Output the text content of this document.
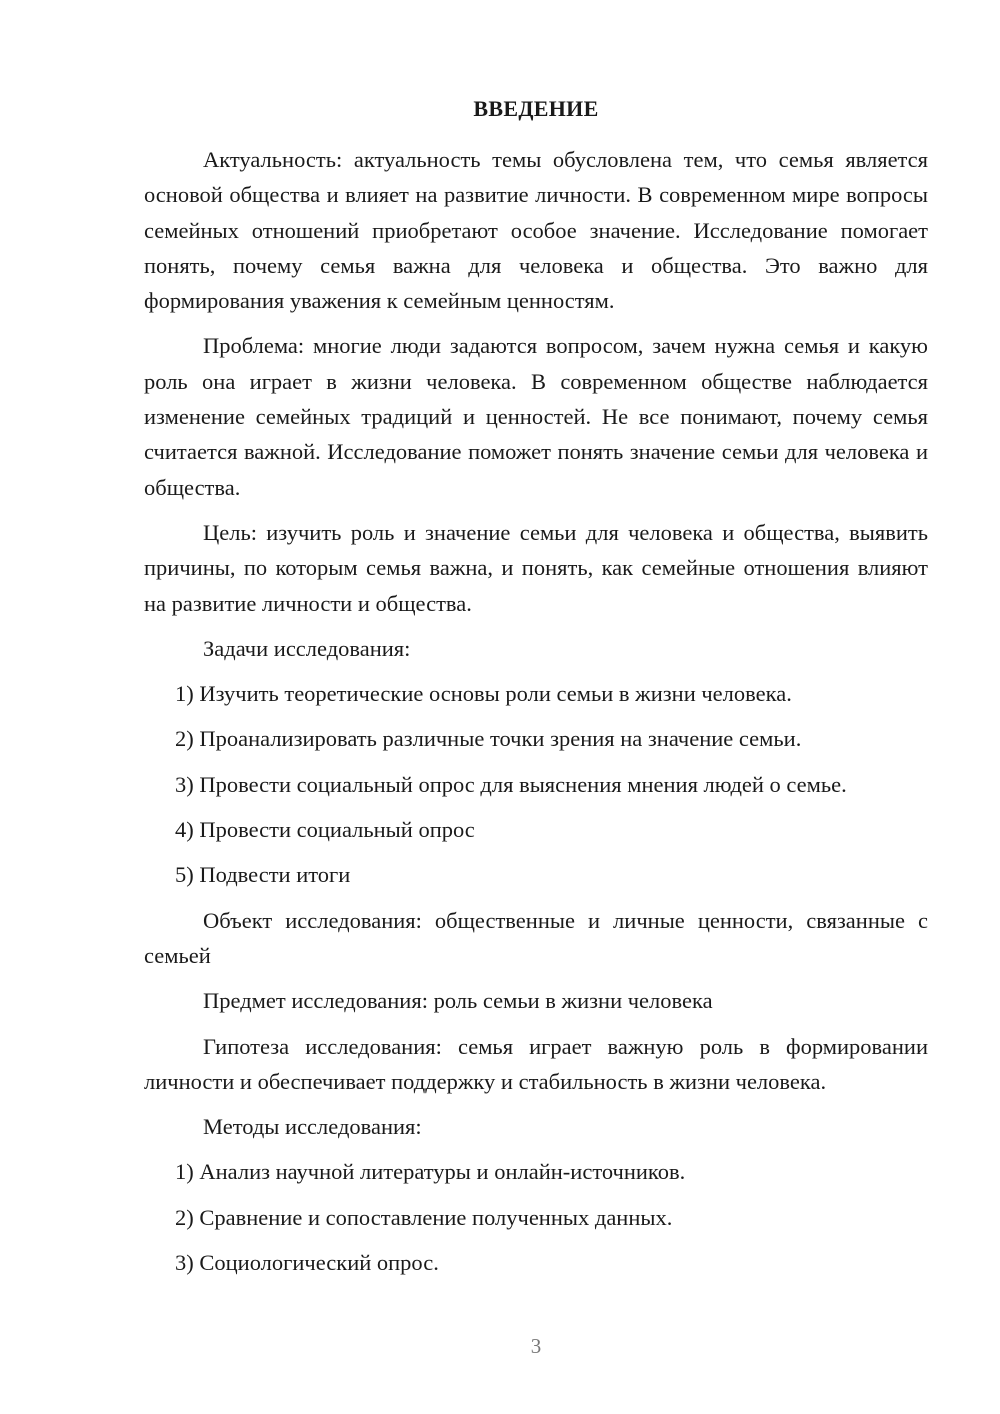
ВВЕДЕНИЕ

Актуальность: актуальность темы обусловлена тем, что семья является основой общества и влияет на развитие личности. В современном мире вопросы семейных отношений приобретают особое значение. Исследование помогает понять, почему семья важна для человека и общества. Это важно для формирования уважения к семейным ценностям.

Проблема: многие люди задаются вопросом, зачем нужна семья и какую роль она играет в жизни человека. В современном обществе наблюдается изменение семейных традиций и ценностей. Не все понимают, почему семья считается важной. Исследование поможет понять значение семьи для человека и общества.

Цель: изучить роль и значение семьи для человека и общества, выявить причины, по которым семья важна, и понять, как семейные отношения влияют на развитие личности и общества.

Задачи исследования:

1) Изучить теоретические основы роли семьи в жизни человека.

2) Проанализировать различные точки зрения на значение семьи.

3) Провести социальный опрос для выяснения мнения людей о семье.

4) Провести социальный опрос

5) Подвести итоги

Объект исследования: общественные и личные ценности, связанные с семьей

Предмет исследования: роль семьи в жизни человека

Гипотеза исследования: семья играет важную роль в формировании личности и обеспечивает поддержку и стабильность в жизни человека.

Методы исследования:

1) Анализ научной литературы и онлайн-источников.

2) Сравнение и сопоставление полученных данных.

3) Социологический опрос.

3
